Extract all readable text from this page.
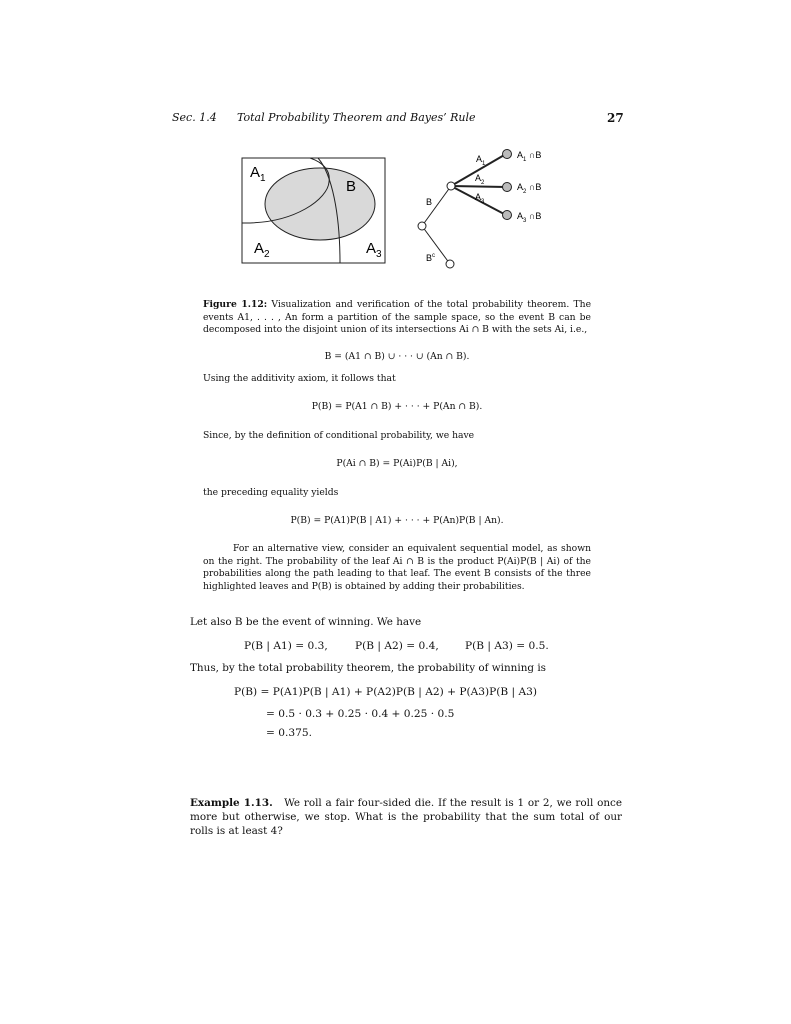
Sec. 1.4 Total Probability Theorem and Bayes’ Rule	27
$A_1$	B
$A_2$	$A_3$
B
$B^c$
$A_1$
$A_2$
$A_3$
$A_1$ ∩B
$A_2$ ∩B
$A_3$ ∩B
Figure 1.12: Visualization and verification of the total probability theorem. The events A1, . . . , An form a partition of the sample space, so the event B can be decomposed into the disjoint union of its intersections Ai ∩ B with the sets Ai, i.e.,
B = (A1 ∩ B) ∪ · · · ∪ (An ∩ B).
Using the additivity axiom, it follows that
P(B) = P(A1 ∩ B) + · · · + P(An ∩ B).
Since, by the definition of conditional probability, we have
P(Ai ∩ B) = P(Ai)P(B | Ai),
the preceding equality yields
P(B) = P(A1)P(B | A1) + · · · + P(An)P(B | An).
For an alternative view, consider an equivalent sequential model, as shown on the right. The probability of the leaf Ai ∩ B is the product P(Ai)P(B | Ai) of the probabilities along the path leading to that leaf. The event B consists of the three highlighted leaves and P(B) is obtained by adding their probabilities.
Let also B be the event of winning. We have
P(B | A1) = 0.3,	P(B | A2) = 0.4, P(B | A3) = 0.5.
Thus, by the total probability theorem, the probability of winning is
P(B) = P(A1)P(B | A1) + P(A2)P(B | A2) + P(A3)P(B | A3)
= 0.5 · 0.3 + 0.25 · 0.4 + 0.25 · 0.5
= 0.375.
Example 1.13. We roll a fair four-sided die. If the result is 1 or 2, we roll once more but otherwise, we stop. What is the probability that the sum total of our rolls is at least 4?
